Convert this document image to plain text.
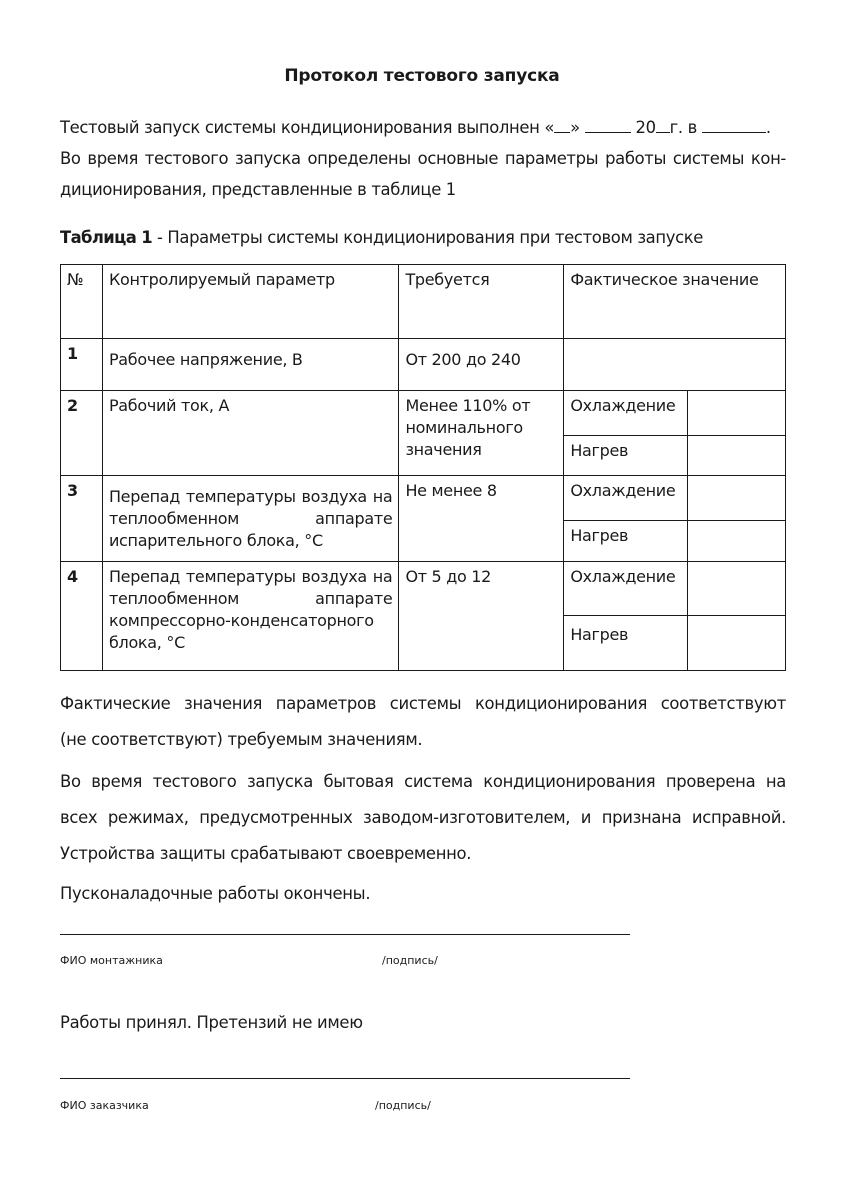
Протокол тестового запуска
Тестовый запуск системы кондиционирования выполнен « »	20 г. в	.
Во время тестового запуска определены основные параметры работы системы кон-
диционирования, представленные в таблице 1
Таблица 1 - Параметры системы кондиционирования при тестовом запуске
№	Контролируемый параметр	Требуется	Фактическое значение	
1	Рабочее напряжение, В	От 200 до 240		
2	Рабочий ток, А	Менее 110% от номинального значения	Охлаждение	
			Нагрев	
3	Перепад температуры воздуха на теплообменном аппарате испарительного блока, °С	Не менее 8	Охлаждение	
			Нагрев	
4	Перепад температуры воздуха на теплообменном аппарате компрессорно-конденсаторного блока, °С	От 5 до 12	Охлаждение	
			Нагрев	
Фактические значения параметров системы кондиционирования соответствуют
(не соответствуют) требуемым значениям.
Во время тестового запуска бытовая система кондиционирования проверена на
всех режимах, предусмотренных заводом-изготовителем, и признана исправной.
Устройства защиты срабатывают своевременно.
Пусконаладочные работы окончены.
ФИО монтажника	/подпись/
Работы принял. Претензий не имею
ФИО заказчика	/подпись/
